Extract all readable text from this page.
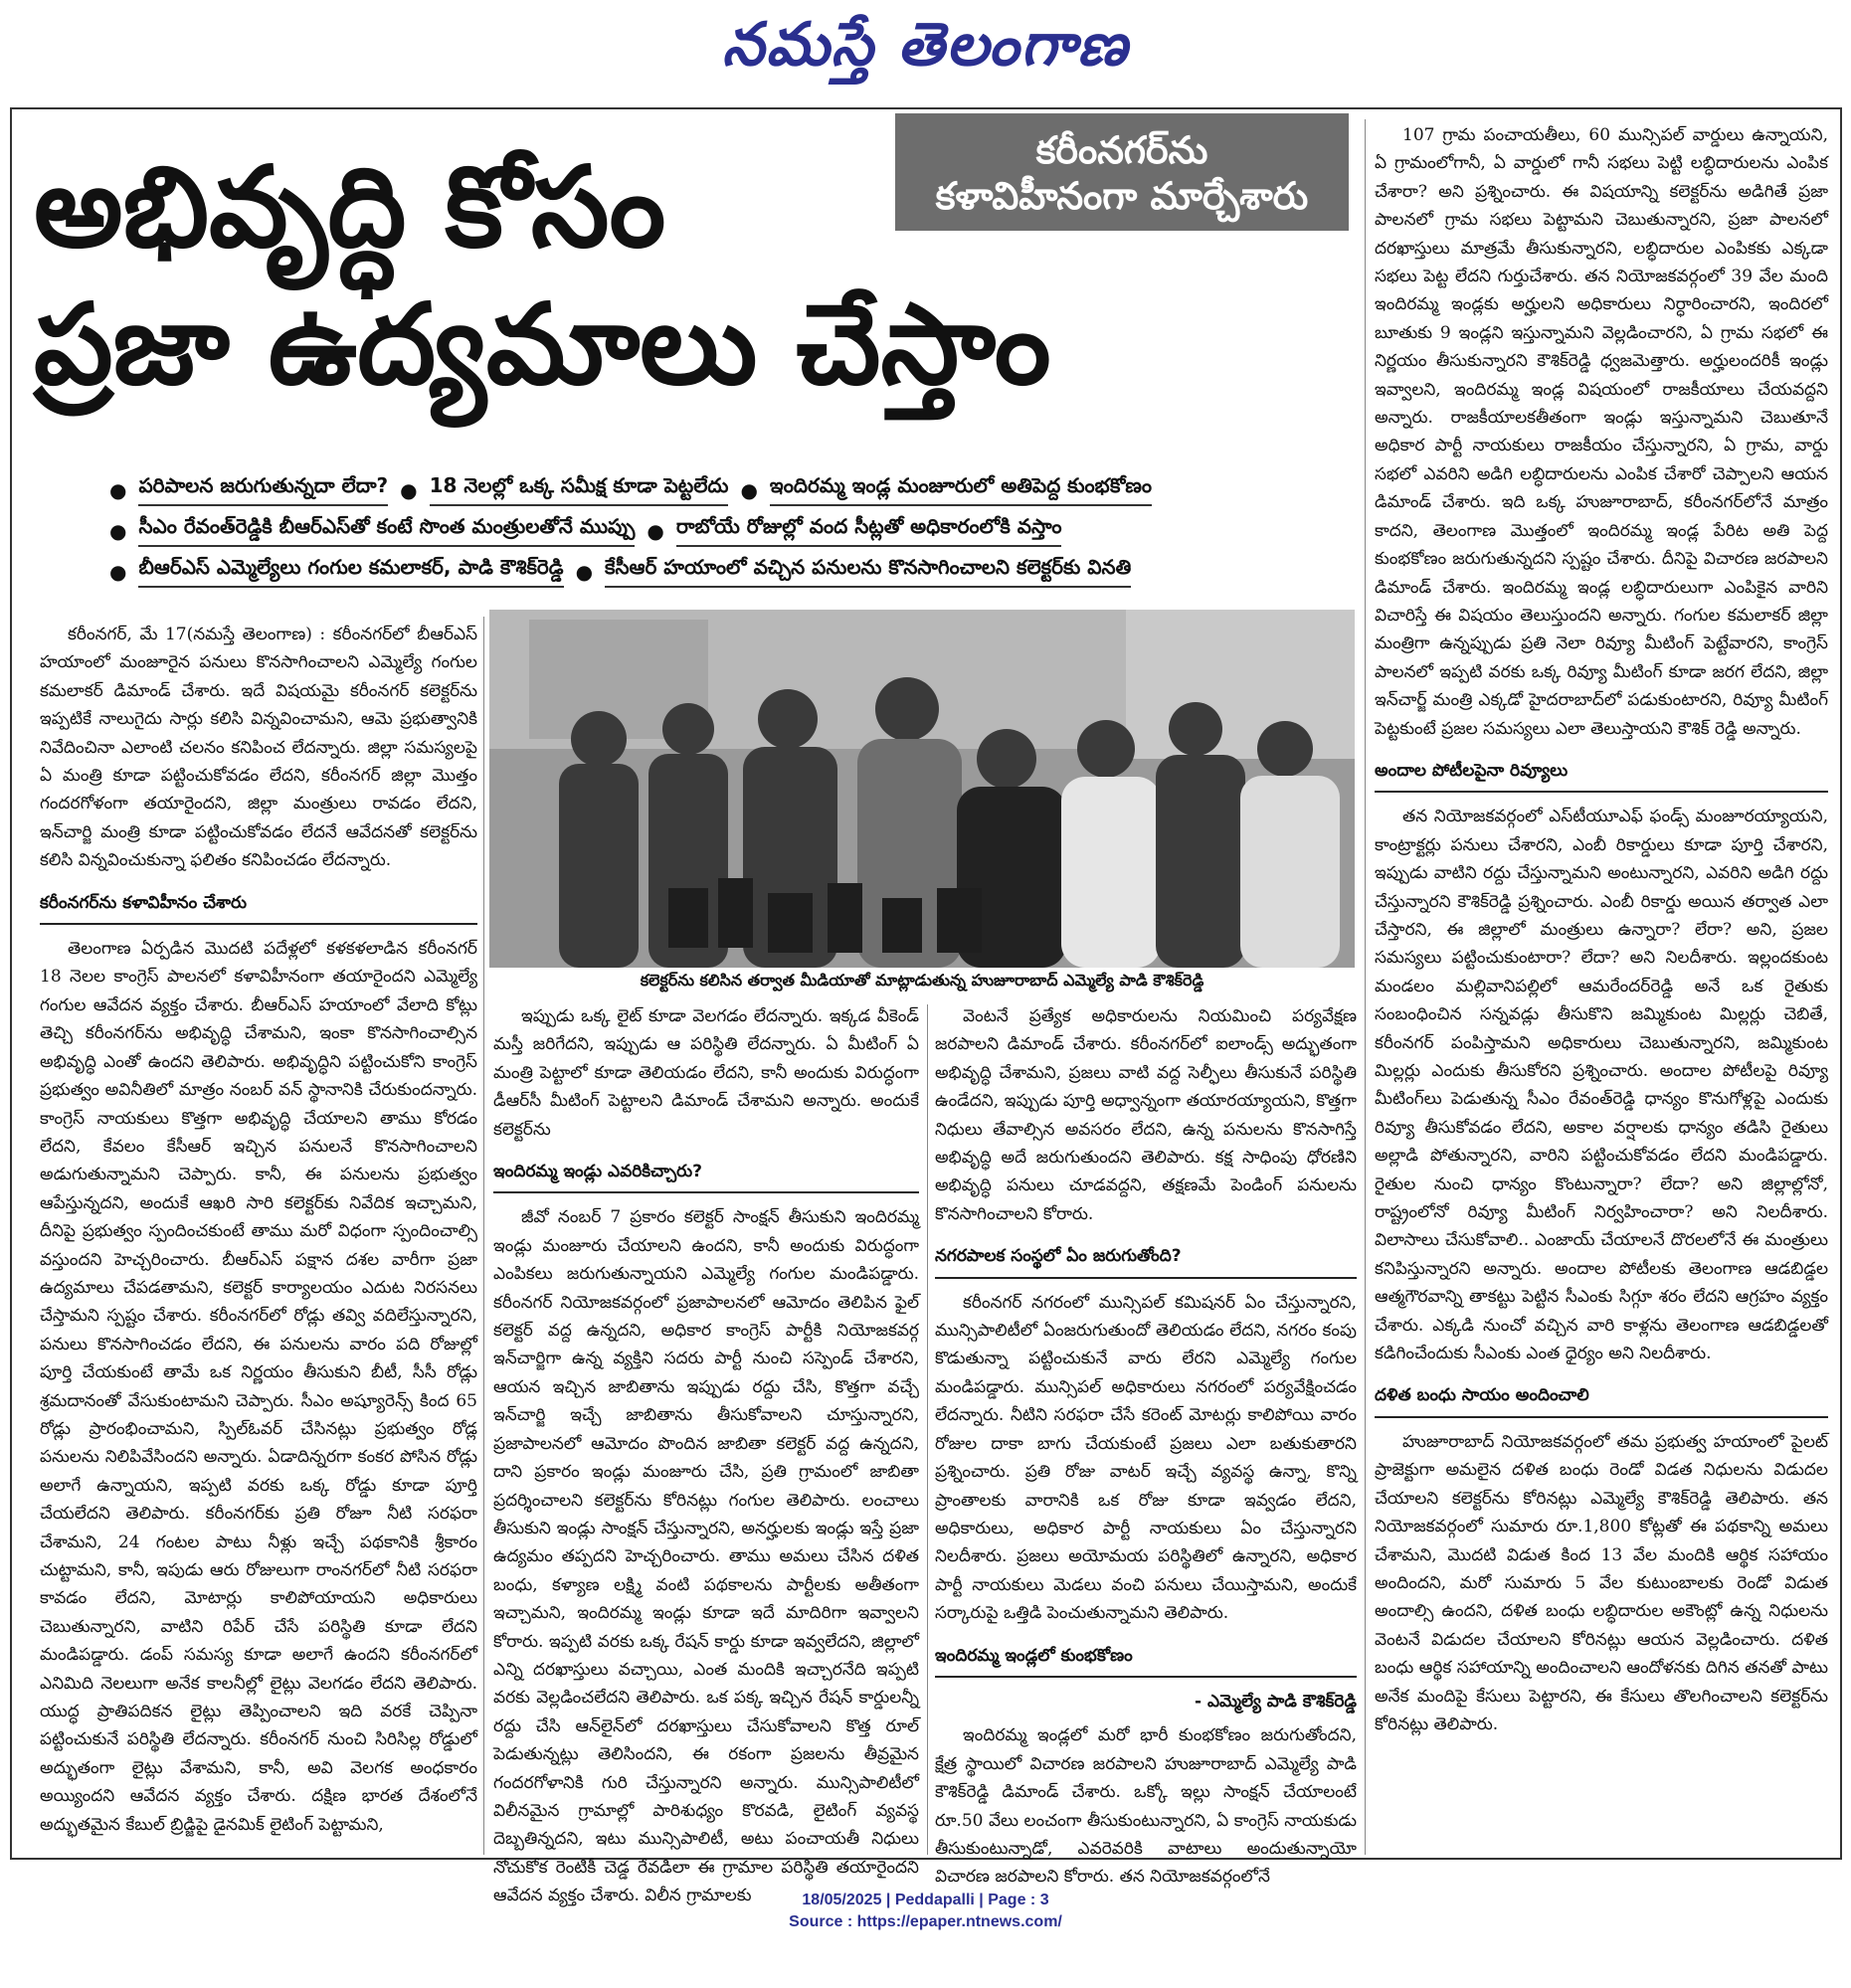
నమస్తే తెలంగాణ
అభివృద్ధి కోసం
ప్రజా ఉద్యమాలు చేస్తాం
కరీంనగర్‌ను
కళావిహీనంగా మార్చేశారు
● పరిపాలన జరుగుతున్నదా లేదా? ● 18 నెలల్లో ఒక్క సమీక్ష కూడా పెట్టలేదు ● ఇందిరమ్మ ఇండ్ల మంజూరులో అతిపెద్ద కుంభకోణం
● సీఎం రేవంత్‌రెడ్డికి బీఆర్‌ఎస్‌తో కంటే సొంత మంత్రులతోనే ముప్పు ● రాబోయే రోజుల్లో వంద సీట్లతో అధికారంలోకి వస్తాం
● బీఆర్‌ఎస్ ఎమ్మెల్యేలు గంగుల కమలాకర్, పాడి కౌశిక్‌రెడ్డి ● కేసీఆర్ హయాంలో వచ్చిన పనులను కొనసాగించాలని కలెక్టర్‌కు వినతి

కరీంనగర్, మే 17(నమస్తే తెలంగాణ) : కరీంనగర్‌లో బీఆర్‌ఎస్ హయాంలో మంజూరైన పనులు కొనసాగించాలని ఎమ్మెల్యే గంగుల కమలాకర్ డిమాండ్ చేశారు. ఇదే విషయమై కరీంనగర్ కలెక్టర్‌ను ఇప్పటికే నాలుగైదు సార్లు కలిసి విన్నవించామని, ఆమె ప్రభుత్వానికి నివేదించినా ఎలాంటి చలనం కనిపించ లేదన్నారు. జిల్లా సమస్యలపై ఏ మంత్రి కూడా పట్టించుకోవడం లేదని, కరీంనగర్ జిల్లా మొత్తం గందరగోళంగా తయారైందని, జిల్లా మంత్రులు రావడం లేదని, ఇన్‌చార్జి మంత్రి కూడా పట్టించుకోవడం లేదనే ఆవేదనతో కలెక్టర్‌ను కలిసి విన్నవించుకున్నా ఫలితం కనిపించడం లేదన్నారు.

కరీంనగర్‌ను కళావిహీనం చేశారు

తెలంగాణ ఏర్పడిన మొదటి పదేళ్లలో కళకళలాడిన కరీంనగర్ 18 నెలల కాంగ్రెస్ పాలనలో కళావిహీనంగా తయారైందని ఎమ్మెల్యే గంగుల ఆవేదన వ్యక్తం చేశారు. బీఆర్‌ఎస్ హయాంలో వేలాది కోట్లు తెచ్చి కరీంనగర్‌ను అభివృద్ధి చేశామని, ఇంకా కొనసాగించాల్సిన అభివృద్ధి ఎంతో ఉందని తెలిపారు. అభివృద్ధిని పట్టించుకోని కాంగ్రెస్ ప్రభుత్వం అవినీతిలో మాత్రం నంబర్ వన్ స్థానానికి చేరుకుందన్నారు. కాంగ్రెస్ నాయకులు కొత్తగా అభివృద్ధి చేయాలని తాము కోరడం లేదని, కేవలం కేసీఆర్ ఇచ్చిన పనులనే కొనసాగించాలని అడుగుతున్నామని చెప్పారు. కానీ, ఈ పనులను ప్రభుత్వం ఆపేస్తున్నదని, అందుకే ఆఖరి సారి కలెక్టర్‌కు నివేదిక ఇచ్చామని, దీనిపై ప్రభుత్వం స్పందించకుంటే తాము మరో విధంగా స్పందించాల్సి వస్తుందని హెచ్చరించారు. బీఆర్‌ఎస్ పక్షాన దశల వారీగా ప్రజా ఉద్యమాలు చేపడతామని, కలెక్టర్ కార్యాలయం ఎదుట నిరసనలు చేస్తామని స్పష్టం చేశారు. కరీంనగర్‌లో రోడ్లు తవ్వి వదిలేస్తున్నారని, పనులు కొనసాగించడం లేదని, ఈ పనులను వారం పది రోజుల్లో పూర్తి చేయకుంటే తామే ఒక నిర్ణయం తీసుకుని బీటీ, సీసీ రోడ్లు శ్రమదానంతో వేసుకుంటామని చెప్పారు. సీఎం అష్యూరెన్స్ కింద 65 రోడ్లు ప్రారంభించామని, స్పిల్‌ఓవర్ చేసినట్లు ప్రభుత్వం రోడ్ల పనులను నిలిపివేసిందని అన్నారు. ఏడాదిన్నరగా కంకర పోసిన రోడ్లు అలాగే ఉన్నాయని, ఇప్పటి వరకు ఒక్క రోడ్డు కూడా పూర్తి చేయలేదని తెలిపారు. కరీంనగర్‌కు ప్రతి రోజూ నీటి సరఫరా చేశామని, 24 గంటల పాటు నీళ్లు ఇచ్చే పథకానికి శ్రీకారం చుట్టామని, కానీ, ఇపుడు ఆరు రోజులుగా రాంనగర్‌లో నీటి సరఫరా కావడం లేదని, మోటార్లు కాలిపోయాయని అధికారులు చెబుతున్నారని, వాటిని రిపేర్ చేసే పరిస్థితి కూడా లేదని మండిపడ్డారు. డంప్ సమస్య కూడా అలాగే ఉందని కరీంనగర్‌లో ఎనిమిది నెలలుగా అనేక కాలనీల్లో లైట్లు వెలగడం లేదని తెలిపారు. యుద్ధ ప్రాతిపదికన లైట్లు తెప్పించాలని ఇది వరకే చెప్పినా పట్టించుకునే పరిస్థితి లేదన్నారు. కరీంనగర్ నుంచి సిరిసిల్ల రోడ్డులో అద్భుతంగా లైట్లు వేశామని, కానీ, అవి వెలగక అంధకారం అయ్యిందని ఆవేదన వ్యక్తం చేశారు. దక్షిణ భారత దేశంలోనే అద్భుతమైన కేబుల్ బ్రిడ్జిపై డైనమిక్ లైటింగ్ పెట్టామని,

కలెక్టర్‌ను కలిసిన తర్వాత మీడియాతో మాట్లాడుతున్న హుజూరాబాద్ ఎమ్మెల్యే పాడి కౌశిక్‌రెడ్డి

ఇప్పుడు ఒక్క లైట్ కూడా వెలగడం లేదన్నారు. ఇక్కడ వీకెండ్ మస్తీ జరిగేదని, ఇప్పుడు ఆ పరిస్థితి లేదన్నారు. ఏ మీటింగ్ ఏ మంత్రి పెట్టాలో కూడా తెలియడం లేదని, కానీ అందుకు విరుద్ధంగా డీఆర్‌సీ మీటింగ్ పెట్టాలని డిమాండ్ చేశామని అన్నారు. అందుకే కలెక్టర్‌ను

ఇందిరమ్మ ఇండ్లు ఎవరికిచ్చారు?

జీవో నంబర్ 7 ప్రకారం కలెక్టర్ సాంక్షన్ తీసుకుని ఇందిరమ్మ ఇండ్లు మంజూరు చేయాలని ఉందని, కానీ అందుకు విరుద్ధంగా ఎంపికలు జరుగుతున్నాయని ఎమ్మెల్యే గంగుల మండిపడ్డారు. కరీంనగర్ నియోజకవర్గంలో ప్రజాపాలనలో ఆమోదం తెలిపిన ఫైల్ కలెక్టర్ వద్ద ఉన్నదని, అధికార కాంగ్రెస్ పార్టీకి నియోజకవర్గ ఇన్‌చార్జిగా ఉన్న వ్యక్తిని సదరు పార్టీ నుంచి సస్పెండ్ చేశారని, ఆయన ఇచ్చిన జాబితాను ఇప్పుడు రద్దు చేసి, కొత్తగా వచ్చే ఇన్‌చార్జి ఇచ్చే జాబితాను తీసుకోవాలని చూస్తున్నారని, ప్రజాపాలనలో ఆమోదం పొందిన జాబితా కలెక్టర్ వద్ద ఉన్నదని, దాని ప్రకారం ఇండ్లు మంజూరు చేసి, ప్రతి గ్రామంలో జాబితా ప్రదర్శించాలని కలెక్టర్‌ను కోరినట్లు గంగుల తెలిపారు. లంచాలు తీసుకుని ఇండ్లు సాంక్షన్ చేస్తున్నారని, అనర్హులకు ఇండ్లు ఇస్తే ప్రజా ఉద్యమం తప్పదని హెచ్చరించారు. తాము అమలు చేసిన దళిత బంధు, కళ్యాణ లక్ష్మి వంటి పథకాలను పార్టీలకు అతీతంగా ఇచ్చామని, ఇందిరమ్మ ఇండ్లు కూడా ఇదే మాదిరిగా ఇవ్వాలని కోరారు. ఇప్పటి వరకు ఒక్క రేషన్ కార్డు కూడా ఇవ్వలేదని, జిల్లాలో ఎన్ని దరఖాస్తులు వచ్చాయి, ఎంత మందికి ఇచ్చారనేది ఇప్పటి వరకు వెల్లడించలేదని తెలిపారు. ఒక పక్క ఇచ్చిన రేషన్ కార్డులన్నీ రద్దు చేసి ఆన్‌లైన్‌లో దరఖాస్తులు చేసుకోవాలని కొత్త రూల్ పెడుతున్నట్లు తెలిసిందని, ఈ రకంగా ప్రజలను తీవ్రమైన గందరగోళానికి గురి చేస్తున్నారని అన్నారు. మున్సిపాలిటీలో విలీనమైన గ్రామాల్లో పారిశుధ్యం కొరవడి, లైటింగ్ వ్యవస్థ దెబ్బతిన్నదని, ఇటు మున్సిపాలిటీ, అటు పంచాయతీ నిధులు నోచుకోక రెంటికీ చెడ్డ రేవడిలా ఈ గ్రామాల పరిస్థితి తయారైందని ఆవేదన వ్యక్తం చేశారు. విలీన గ్రామాలకు

వెంటనే ప్రత్యేక అధికారులను నియమించి పర్యవేక్షణ జరపాలని డిమాండ్ చేశారు. కరీంనగర్‌లో ఐలాండ్స్ అద్భుతంగా అభివృద్ధి చేశామని, ప్రజలు వాటి వద్ద సెల్ఫీలు తీసుకునే పరిస్థితి ఉండేదని, ఇప్పుడు పూర్తి అధ్వాన్నంగా తయారయ్యాయని, కొత్తగా నిధులు తేవాల్సిన అవసరం లేదని, ఉన్న పనులను కొనసాగిస్తే అభివృద్ధి అదే జరుగుతుందని తెలిపారు. కక్ష సాధింపు ధోరణిని అభివృద్ధి పనులు చూడవద్దని, తక్షణమే పెండింగ్ పనులను కొనసాగించాలని కోరారు.

నగరపాలక సంస్థలో ఏం జరుగుతోంది?

కరీంనగర్ నగరంలో మున్సిపల్ కమిషనర్ ఏం చేస్తున్నారని, మున్సిపాలిటీలో ఏంజరుగుతుందో తెలియడం లేదని, నగరం కంపు కొడుతున్నా పట్టించుకునే వారు లేరని ఎమ్మెల్యే గంగుల మండిపడ్డారు. మున్సిపల్ అధికారులు నగరంలో పర్యవేక్షించడం లేదన్నారు. నీటిని సరఫరా చేసే కరెంట్ మోటర్లు కాలిపోయి వారం రోజుల దాకా బాగు చేయకుంటే ప్రజలు ఎలా బతుకుతారని ప్రశ్నించారు. ప్రతి రోజు వాటర్ ఇచ్చే వ్యవస్థ ఉన్నా, కొన్ని ప్రాంతాలకు వారానికి ఒక రోజు కూడా ఇవ్వడం లేదని, అధికారులు, అధికార పార్టీ నాయకులు ఏం చేస్తున్నారని నిలదీశారు. ప్రజలు అయోమయ పరిస్థితిలో ఉన్నారని, అధికార పార్టీ నాయకులు మెడలు వంచి పనులు చేయిస్తామని, అందుకే సర్కారుపై ఒత్తిడి పెంచుతున్నామని తెలిపారు.

ఇందిరమ్మ ఇండ్లలో కుంభకోణం
- ఎమ్మెల్యే పాడి కౌశిక్‌రెడ్డి

ఇందిరమ్మ ఇండ్లలో మరో భారీ కుంభకోణం జరుగుతోందని, క్షేత్ర స్థాయిలో విచారణ జరపాలని హుజూరాబాద్ ఎమ్మెల్యే పాడి కౌశిక్‌రెడ్డి డిమాండ్ చేశారు. ఒక్కో ఇల్లు సాంక్షన్ చేయాలంటే రూ.50 వేలు లంచంగా తీసుకుంటున్నారని, ఏ కాంగ్రెస్ నాయకుడు తీసుకుంటున్నాడో, ఎవరెవరికి వాటాలు అందుతున్నాయో విచారణ జరపాలని కోరారు. తన నియోజకవర్గంలోనే

107 గ్రామ పంచాయతీలు, 60 మున్సిపల్ వార్డులు ఉన్నాయని, ఏ గ్రామంలోగానీ, ఏ వార్డులో గానీ సభలు పెట్టి లబ్ధిదారులను ఎంపిక చేశారా? అని ప్రశ్నించారు. ఈ విషయాన్ని కలెక్టర్‌ను అడిగితే ప్రజా పాలనలో గ్రామ సభలు పెట్టామని చెబుతున్నారని, ప్రజా పాలనలో దరఖాస్తులు మాత్రమే తీసుకున్నారని, లబ్ధిదారుల ఎంపికకు ఎక్కడా సభలు పెట్ట లేదని గుర్తుచేశారు. తన నియోజకవర్గంలో 39 వేల మంది ఇందిరమ్మ ఇండ్లకు అర్హులని అధికారులు నిర్ధారించారని, ఇందిరలో బూతుకు 9 ఇండ్లని ఇస్తున్నామని వెల్లడించారని, ఏ గ్రామ సభలో ఈ నిర్ణయం తీసుకున్నారని కౌశిక్‌రెడ్డి ధ్వజమెత్తారు. అర్హులందరికీ ఇండ్లు ఇవ్వాలని, ఇందిరమ్మ ఇండ్ల విషయంలో రాజకీయాలు చేయవద్దని అన్నారు. రాజకీయాలకతీతంగా ఇండ్లు ఇస్తున్నామని చెబుతూనే అధికార పార్టీ నాయకులు రాజకీయం చేస్తున్నారని, ఏ గ్రామ, వార్డు సభలో ఎవరిని అడిగి లబ్ధిదారులను ఎంపిక చేశారో చెప్పాలని ఆయన డిమాండ్ చేశారు. ఇది ఒక్క హుజూరాబాద్, కరీంనగర్‌లోనే మాత్రం కాదని, తెలంగాణ మొత్తంలో ఇందిరమ్మ ఇండ్ల పేరిట అతి పెద్ద కుంభకోణం జరుగుతున్నదని స్పష్టం చేశారు. దీనిపై విచారణ జరపాలని డిమాండ్ చేశారు. ఇందిరమ్మ ఇండ్ల లబ్ధిదారులుగా ఎంపికైన వారిని విచారిస్తే ఈ విషయం తెలుస్తుందని అన్నారు. గంగుల కమలాకర్ జిల్లా మంత్రిగా ఉన్నప్పుడు ప్రతి నెలా రివ్యూ మీటింగ్ పెట్టేవారని, కాంగ్రెస్ పాలనలో ఇప్పటి వరకు ఒక్క రివ్యూ మీటింగ్ కూడా జరగ లేదని, జిల్లా ఇన్‌చార్జ్ మంత్రి ఎక్కడో హైదరాబాద్‌లో పడుకుంటారని, రివ్యూ మీటింగ్ పెట్టకుంటే ప్రజల సమస్యలు ఎలా తెలుస్తాయని కౌశిక్ రెడ్డి అన్నారు.

అందాల పోటీలపైనా రివ్యూలు

తన నియోజకవర్గంలో ఎస్‌టీయూఎఫ్ ఫండ్స్ మంజూరయ్యాయని, కాంట్రాక్టర్లు పనులు చేశారని, ఎంబీ రికార్డులు కూడా పూర్తి చేశారని, ఇప్పుడు వాటిని రద్దు చేస్తున్నామని అంటున్నారని, ఎవరిని అడిగి రద్దు చేస్తున్నారని కౌశిక్‌రెడ్డి ప్రశ్నించారు. ఎంబీ రికార్డు అయిన తర్వాత ఎలా చేస్తారని, ఈ జిల్లాలో మంత్రులు ఉన్నారా? లేరా? అని, ప్రజల సమస్యలు పట్టించుకుంటారా? లేదా? అని నిలదీశారు. ఇల్లందకుంట మండలం మల్లివానిపల్లిలో ఆమరేందర్‌రెడ్డి అనే ఒక రైతుకు సంబంధించిన సన్నవడ్లు తీసుకొని జమ్మికుంట మిల్లర్లు చెబితే, కరీంనగర్ పంపిస్తామని అధికారులు చెబుతున్నారని, జమ్మికుంట మిల్లర్లు ఎందుకు తీసుకోరని ప్రశ్నించారు. అందాల పోటీలపై రివ్యూ మీటింగ్‌లు పెడుతున్న సీఎం రేవంత్‌రెడ్డి ధాన్యం కొనుగోళ్లపై ఎందుకు రివ్యూ తీసుకోవడం లేదని, అకాల వర్షాలకు ధాన్యం తడిసి రైతులు అల్లాడి పోతున్నారని, వారిని పట్టించుకోవడం లేదని మండిపడ్డారు. రైతుల నుంచి ధాన్యం కొంటున్నారా? లేదా? అని జిల్లాల్లోనో, రాష్ట్రంలోనో రివ్యూ మీటింగ్ నిర్వహించారా? అని నిలదీశారు. విలాసాలు చేసుకోవాలి.. ఎంజాయ్ చేయాలనే దొరలలోనే ఈ మంత్రులు కనిపిస్తున్నారని అన్నారు. అందాల పోటీలకు తెలంగాణ ఆడబిడ్డల ఆత్మగౌరవాన్ని తాకట్టు పెట్టిన సీఎంకు సిగ్గూ శరం లేదని ఆగ్రహం వ్యక్తం చేశారు. ఎక్కడి నుంచో వచ్చిన వారి కాళ్లను తెలంగాణ ఆడబిడ్డలతో కడిగించేందుకు సీఎంకు ఎంత ధైర్యం అని నిలదీశారు.

దళిత బంధు సాయం అందించాలి

హుజూరాబాద్ నియోజకవర్గంలో తమ ప్రభుత్వ హయాంలో పైలట్ ప్రాజెక్టుగా అమలైన దళిత బంధు రెండో విడత నిధులను విడుదల చేయాలని కలెక్టర్‌ను కోరినట్లు ఎమ్మెల్యే కౌశిక్‌రెడ్డి తెలిపారు. తన నియోజకవర్గంలో సుమారు రూ.1,800 కోట్లతో ఈ పథకాన్ని అమలు చేశామని, మొదటి విడుత కింద 13 వేల మందికి ఆర్థిక సహాయం అందిందని, మరో సుమారు 5 వేల కుటుంబాలకు రెండో విడుత అందాల్సి ఉందని, దళిత బంధు లబ్ధిదారుల అకౌంట్లో ఉన్న నిధులను వెంటనే విడుదల చేయాలని కోరినట్లు ఆయన వెల్లడించారు. దళిత బంధు ఆర్థిక సహాయాన్ని అందించాలని ఆందోళనకు దిగిన తనతో పాటు అనేక మందిపై కేసులు పెట్టారని, ఈ కేసులు తొలగించాలని కలెక్టర్‌ను కోరినట్లు తెలిపారు.

18/05/2025 | Peddapalli | Page : 3
Source : https://epaper.ntnews.com/
